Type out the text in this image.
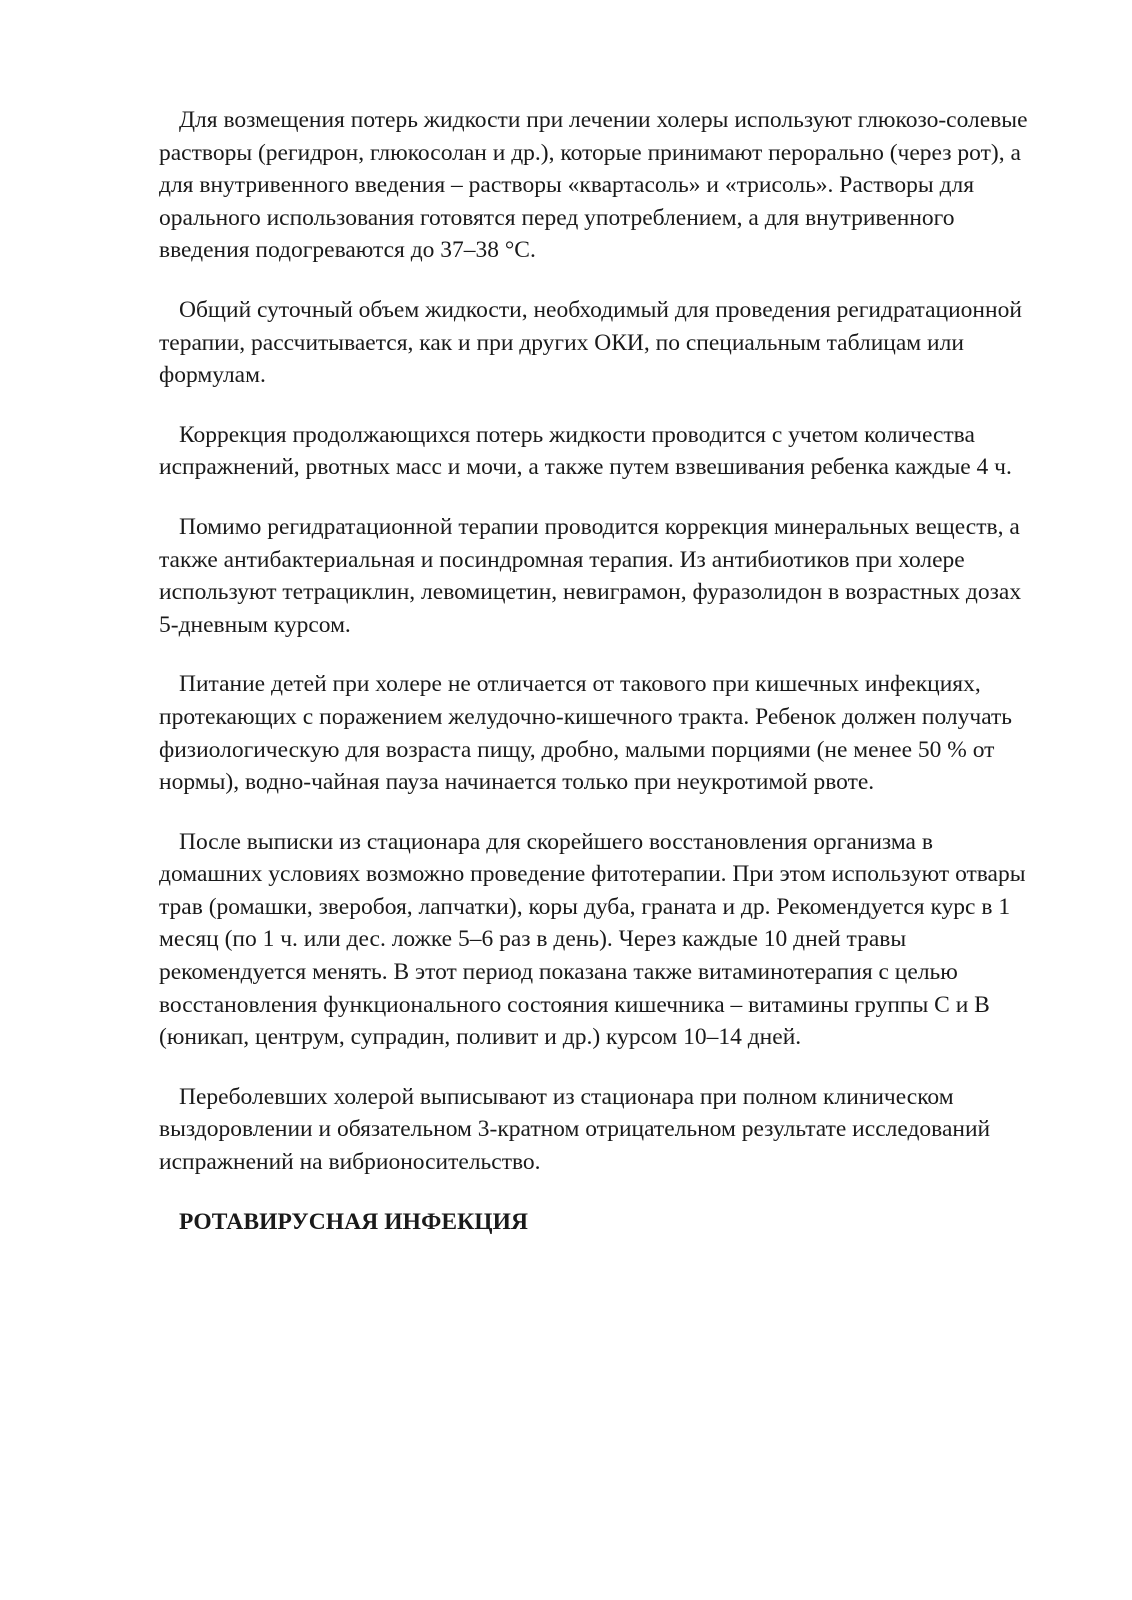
Для возмещения потерь жидкости при лечении холеры используют глюкозо-солевые растворы (регидрон, глюкосолан и др.), которые принимают перорально (через рот), а для внутривенного введения – растворы «квартасоль» и «трисоль». Растворы для орального использования готовятся перед употреблением, а для внутривенного введения подогреваются до 37–38 °С.

Общий суточный объем жидкости, необходимый для проведения регидратационной терапии, рассчитывается, как и при других ОКИ, по специальным таблицам или формулам.

Коррекция продолжающихся потерь жидкости проводится с учетом количества испражнений, рвотных масс и мочи, а также путем взвешивания ребенка каждые 4 ч.

Помимо регидратационной терапии проводится коррекция минеральных веществ, а также антибактериальная и посиндромная терапия. Из антибиотиков при холере используют тетрациклин, левомицетин, невиграмон, фуразолидон в возрастных дозах 5-дневным курсом.

Питание детей при холере не отличается от такового при кишечных инфекциях, протекающих с поражением желудочно-кишечного тракта. Ребенок должен получать физиологическую для возраста пищу, дробно, малыми порциями (не менее 50 % от нормы), водно-чайная пауза начинается только при неукротимой рвоте.

После выписки из стационара для скорейшего восстановления организма в домашних условиях возможно проведение фитотерапии. При этом используют отвары трав (ромашки, зверобоя, лапчатки), коры дуба, граната и др. Рекомендуется курс в 1 месяц (по 1 ч. или дес. ложке 5–6 раз в день). Через каждые 10 дней травы рекомендуется менять. В этот период показана также витаминотерапия с целью восстановления функционального состояния кишечника – витамины группы С и В (юникап, центрум, супрадин, поливит и др.) курсом 10–14 дней.

Переболевших холерой выписывают из стационара при полном клиническом выздоровлении и обязательном 3-кратном отрицательном результате исследований испражнений на вибрионосительство.

РОТАВИРУСНАЯ ИНФЕКЦИЯ
